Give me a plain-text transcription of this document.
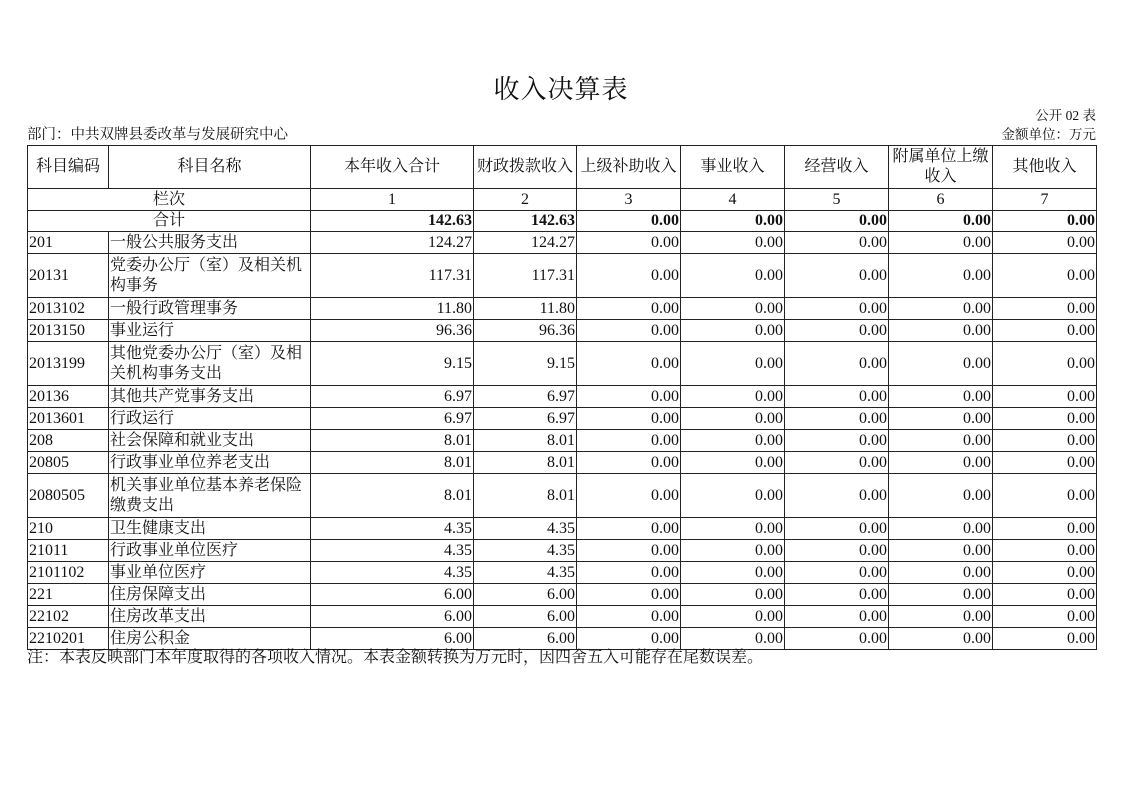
收入决算表
公开 02 表
部门：中共双牌县委改革与发展研究中心	金额单位：万元
科目编码	科目名称	本年收入合计	财政拨款收入	上级补助收入	事业收入	经营收入	附属单位上缴收入	其他收入
栏次		1	2	3	4	5	6	7
合计		142.63	142.63	0.00	0.00	0.00	0.00	0.00
201	一般公共服务支出	124.27	124.27	0.00	0.00	0.00	0.00	0.00
20131	党委办公厅（室）及相关机构事务	117.31	117.31	0.00	0.00	0.00	0.00	0.00
2013102	一般行政管理事务	11.80	11.80	0.00	0.00	0.00	0.00	0.00
2013150	事业运行	96.36	96.36	0.00	0.00	0.00	0.00	0.00
2013199	其他党委办公厅（室）及相关机构事务支出	9.15	9.15	0.00	0.00	0.00	0.00	0.00
20136	其他共产党事务支出	6.97	6.97	0.00	0.00	0.00	0.00	0.00
2013601	行政运行	6.97	6.97	0.00	0.00	0.00	0.00	0.00
208	社会保障和就业支出	8.01	8.01	0.00	0.00	0.00	0.00	0.00
20805	行政事业单位养老支出	8.01	8.01	0.00	0.00	0.00	0.00	0.00
2080505	机关事业单位基本养老保险缴费支出	8.01	8.01	0.00	0.00	0.00	0.00	0.00
210	卫生健康支出	4.35	4.35	0.00	0.00	0.00	0.00	0.00
21011	行政事业单位医疗	4.35	4.35	0.00	0.00	0.00	0.00	0.00
2101102	事业单位医疗	4.35	4.35	0.00	0.00	0.00	0.00	0.00
221	住房保障支出	6.00	6.00	0.00	0.00	0.00	0.00	0.00
22102	住房改革支出	6.00	6.00	0.00	0.00	0.00	0.00	0.00
2210201	住房公积金	6.00	6.00	0.00	0.00	0.00	0.00	0.00
注：本表反映部门本年度取得的各项收入情况。本表金额转换为万元时，因四舍五入可能存在尾数误差。
